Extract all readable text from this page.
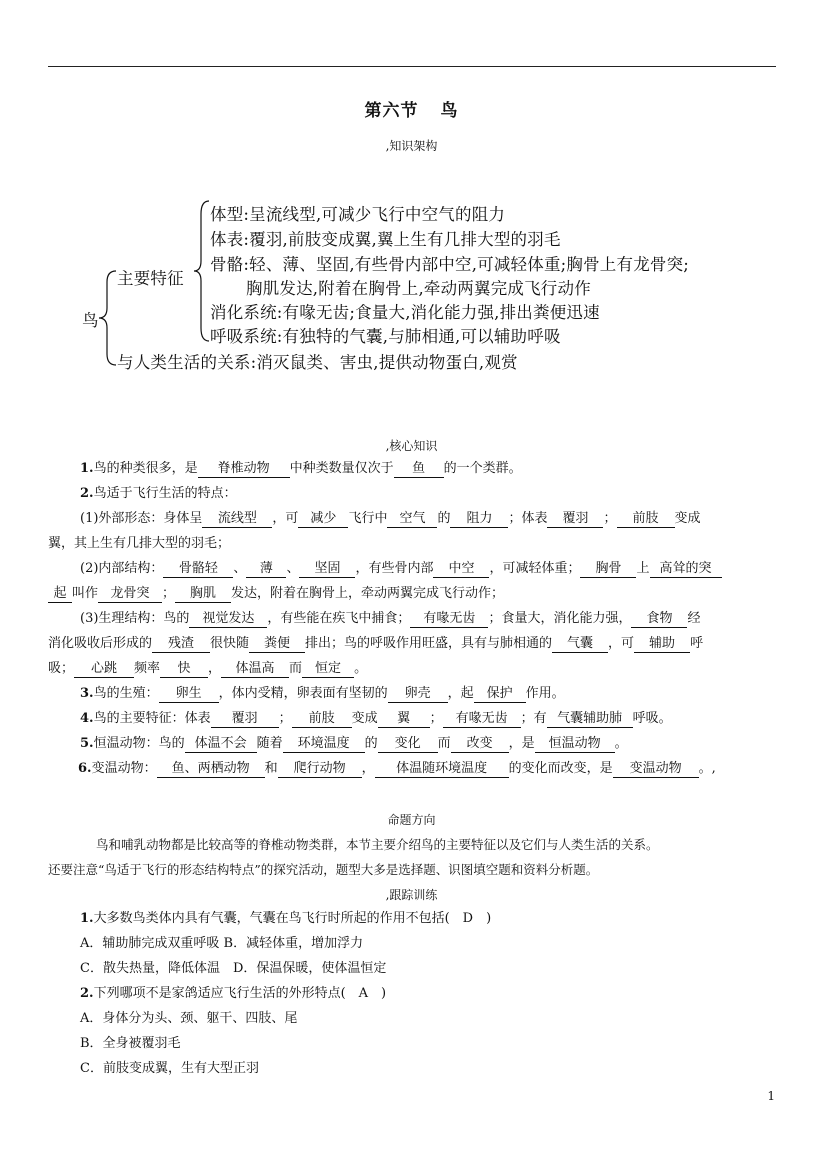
第六节 鸟
,知识架构
鸟
主要特征
体型:呈流线型,可减少飞行中空气的阻力
体表:覆羽,前肢变成翼,翼上生有几排大型的羽毛
骨骼:轻、薄、坚固,有些骨内部中空,可减轻体重;胸骨上有龙骨突;
胸肌发达,附着在胸骨上,牵动两翼完成飞行动作
消化系统:有喙无齿;食量大,消化能力强,排出粪便迅速
呼吸系统:有独特的气囊,与肺相通,可以辅助呼吸
与人类生活的关系:消灭鼠类、害虫,提供动物蛋白,观赏
,核心知识
1.鸟的种类很多，是 脊椎动物 中种类数量仅次于 鱼 的一个类群。
2.鸟适于飞行生活的特点：
(1)外部形态：身体呈 流线型 ，可 减少 飞行中 空气 的 阻力 ；体表 覆羽 ； 前肢 变成
翼，其上生有几排大型的羽毛；
(2)内部结构： 骨骼轻 、 薄 、 坚固 ，有些骨内部 中空 ，可减轻体重； 胸骨 上 高耸的突
起 叫作 龙骨突 ； 胸肌 发达，附着在胸骨上，牵动两翼完成飞行动作；
(3)生理结构：鸟的 视觉发达 ，有些能在疾飞中捕食； 有喙无齿 ；食量大，消化能力强， 食物 经
消化吸收后形成的 残渣 很快随 粪便 排出；鸟的呼吸作用旺盛，具有与肺相通的 气囊 ，可 辅助 呼
吸； 心跳 频率 快 ， 体温高 而 恒定 。
3.鸟的生殖： 卵生 ，体内受精，卵表面有坚韧的 卵壳 ，起 保护 作用。
4.鸟的主要特征：体表 覆羽 ； 前肢 变成 翼 ； 有喙无齿 ；有 气囊辅助肺 呼吸。
5.恒温动物：鸟的 体温不会 随着 环境温度 的 变化 而 改变 ，是 恒温动物 。
6.变温动物： 鱼、两栖动物 和 爬行动物 ， 体温随环境温度 的变化而改变，是 变温动物 。,
命题方向
鸟和哺乳动物都是比较高等的脊椎动物类群，本节主要介绍鸟的主要特征以及它们与人类生活的关系。
还要注意“鸟适于飞行的形态结构特点”的探究活动，题型大多是选择题、识图填空题和资料分析题。
,跟踪训练
1.大多数鸟类体内具有气囊，气囊在鸟飞行时所起的作用不包括(　D　)
A．辅助肺完成双重呼吸 B．减轻体重，增加浮力
C．散失热量，降低体温　D．保温保暖，使体温恒定
2.下列哪项不是家鸽适应飞行生活的外形特点(　A　)
A．身体分为头、颈、躯干、四肢、尾
B．全身被覆羽毛
C．前肢变成翼，生有大型正羽
1
